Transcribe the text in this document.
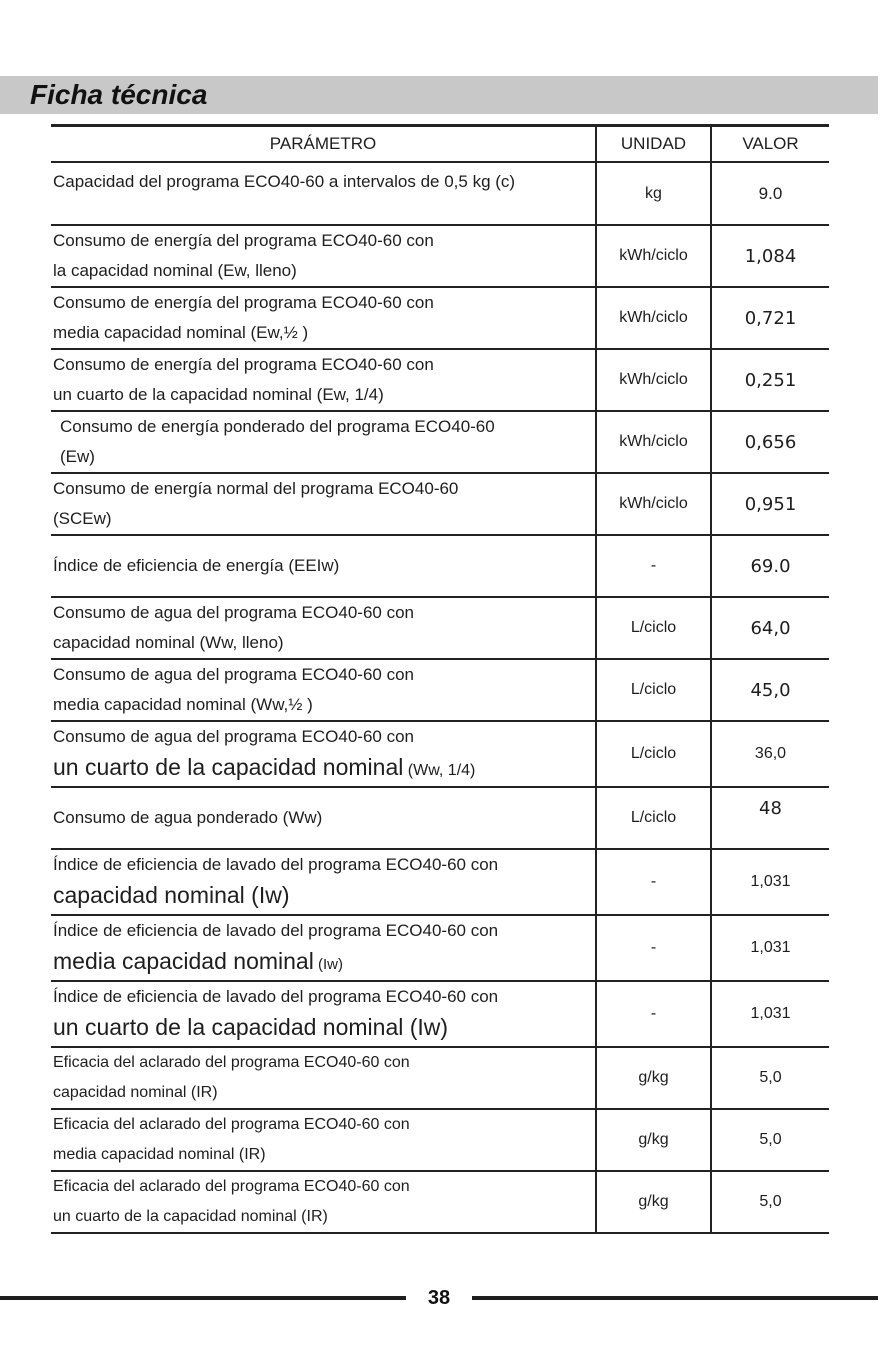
Ficha técnica
PARÁMETRO	UNIDAD	VALOR
Capacidad del programa ECO40-60 a intervalos de 0,5 kg (c)	kg	9.0

Consumo de energía del programa ECO40-60 con
la capacidad nominal (Ew, lleno)	kWh/ciclo	1,084

Consumo de energía del programa ECO40-60 con
media capacidad nominal (Ew,½ )	kWh/ciclo	0,721

Consumo de energía del programa ECO40-60 con
un cuarto de la capacidad nominal (Ew, 1/4)	kWh/ciclo	0,251

Consumo de energía ponderado del programa ECO40-60
(Ew)	kWh/ciclo	0,656

Consumo de energía normal del programa ECO40-60
(SCEw)	kWh/ciclo	0,951
Índice de eficiencia de energía (EEIw)	-	69.0

Consumo de agua del programa ECO40-60 con
capacidad nominal (Ww, lleno)	L/ciclo	64,0

Consumo de agua del programa ECO40-60 con
media capacidad nominal (Ww,½ )	L/ciclo	45,0

Consumo de agua del programa ECO40-60 con
un cuarto de la capacidad nominal (Ww, 1/4)	L/ciclo	36,0
Consumo de agua ponderado (Ww)	L/ciclo	48

Índice de eficiencia de lavado del programa ECO40-60 con
capacidad nominal (Iw)	-	1,031

Índice de eficiencia de lavado del programa ECO40-60 con
media capacidad nominal (Iw)	-	1,031

Índice de eficiencia de lavado del programa ECO40-60 con
un cuarto de la capacidad nominal (Iw)	-	1,031

Eficacia del aclarado del programa ECO40-60 con
capacidad nominal (IR)	g/kg	5,0

Eficacia del aclarado del programa ECO40-60 con
media capacidad nominal (IR)	g/kg	5,0

Eficacia del aclarado del programa ECO40-60 con
un cuarto de la capacidad nominal (IR)	g/kg	5,0
38
